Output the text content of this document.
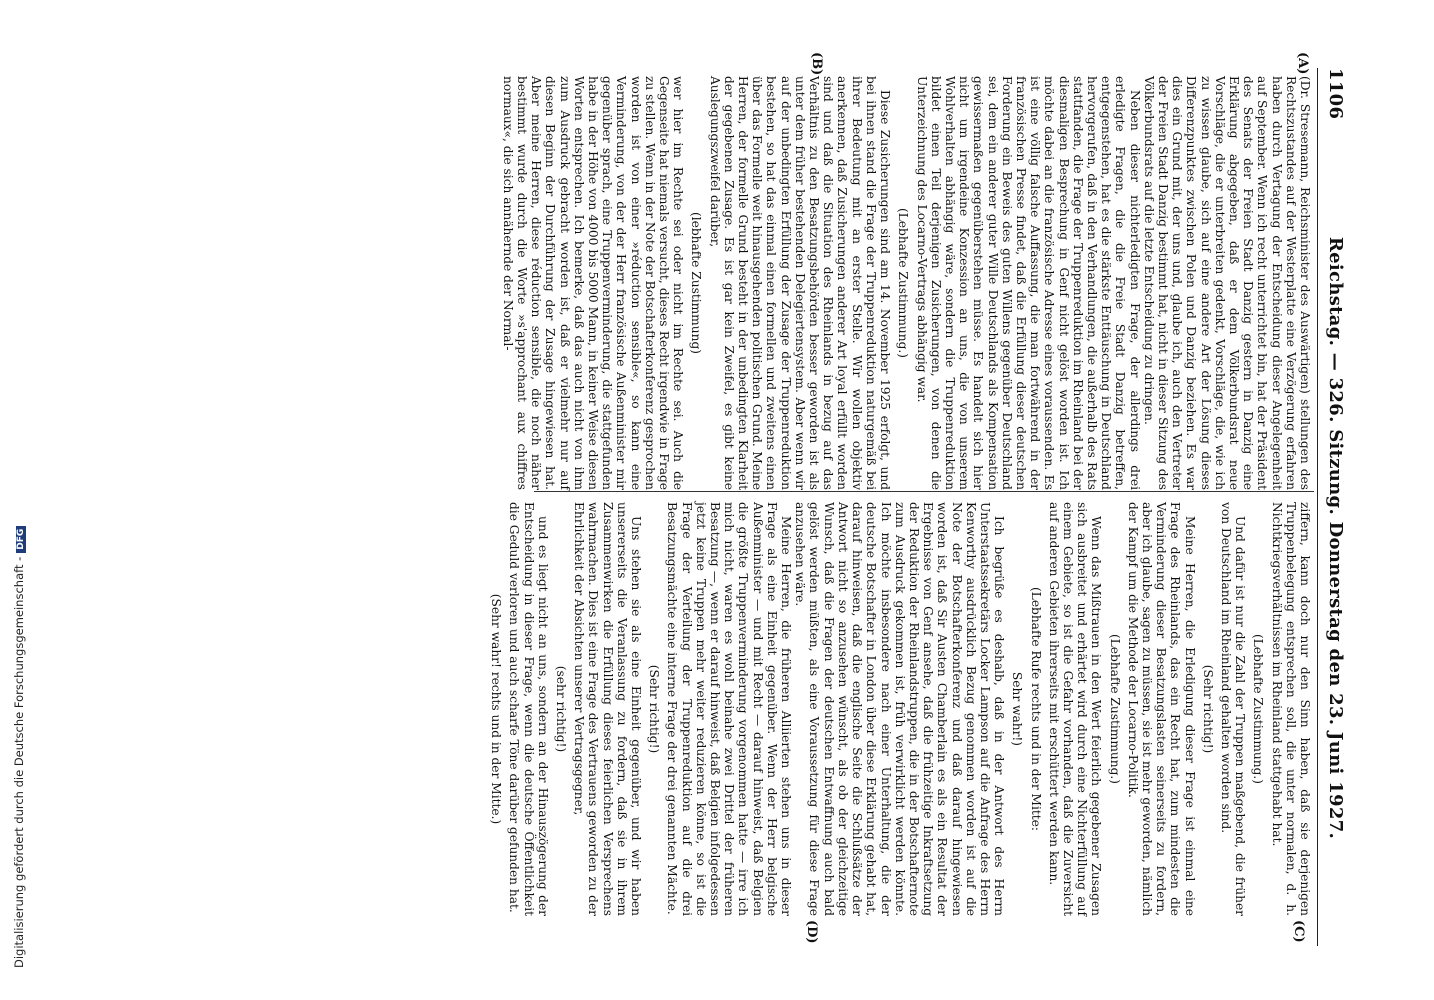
1106
Reichstag. — 326. Sitzung. Donnerstag den 23. Juni 1927.
(A)
(B)
(C)
(D)

(Dr. Stresemann, Reichsminister des Auswärtigen) stellungen des Rechtszustandes auf der Westerplatte eine Verzögerung erfahren haben durch Vertagung der Entscheidung dieser Angelegenheit auf September. Wenn ich recht unterrichtet bin, hat der Präsident des Senats der Freien Stadt Danzig gestern in Danzig eine Erklärung abgegeben, daß er dem Völkerbundsrat neue Vorschläge, die er unterbreiten gedenkt, Vorschläge, die, wie ich zu wissen glaube, sich auf eine andere Art der Lösung dieses Differenzpunktes zwischen Polen und Danzig beziehen. Es war dies ein Grund mit, der uns und, glaube ich, auch den Vertreter der Freien Stadt Danzig bestimmt hat, nicht in dieser Sitzung des Völkerbundsrats auf die letzte Entscheidung zu dringen.

Neben dieser nichterledigten Frage, der allerdings drei erledigte Fragen, die die Freie Stadt Danzig betreffen, entgegenstehen, hat es die stärkste Enttäuschung in Deutschland hervorgerufen, daß in den Verhandlungen, die außerhalb des Rats stattfanden, die Frage der Truppenreduktion im Rheinland bei der diesmaligen Besprechung in Genf nicht gelöst worden ist. Ich möchte dabei an die französische Adresse eines voraussenden. Es ist eine völlig falsche Auffassung, die man fortwährend in der französischen Presse findet, daß die Erfüllung dieser deutschen Forderung ein Beweis des guten Willens gegenüber Deutschland sei, dem ein anderer guter Wille Deutschlands als Kompensation gewissermaßen gegenüberstehen müsse. Es handelt sich hier nicht um irgendeine Konzession an uns, die von unserem Wohlverhalten abhängig wäre, sondern die Truppenreduktion bildet einen Teil derjenigen Zusicherungen, von denen die Unterzeichnung des Locarno-Vertrags abhängig war.

(Lebhafte Zustimmung.)

Diese Zusicherungen sind am 14. November 1925 erfolgt, und bei ihnen stand die Frage der Truppenreduktion naturgemäß bei ihrer Bedeutung mit an erster Stelle. Wir wollen objektiv anerkennen, daß Zusicherungen anderer Art loyal erfüllt worden sind und daß die Situation des Rheinlands in bezug auf das Verhältnis zu den Besatzungsbehörden besser geworden ist als unter dem früher bestehenden Delegiertensystem. Aber wenn wir auf der unbedingten Erfüllung der Zusage der Truppenreduktion bestehen, so hat das einmal einen formellen und zweitens einen über das Formelle weit hinausgehenden politischen Grund. Meine Herren, der formelle Grund besteht in der unbedingten Klarheit der gegebenen Zusage. Es ist gar kein Zweifel, es gibt keine Auslegungszweifel darüber,

(lebhafte Zustimmung)

wer hier im Rechte sei oder nicht im Rechte sei. Auch die Gegenseite hat niemals versucht, dieses Recht irgendwie in Frage zu stellen. Wenn in der Note der Botschafterkonferenz gesprochen worden ist von einer »réduction sensible«, so kann eine Verminderung, von der der Herr französische Außenminister mir gegenüber sprach, eine Truppenverminderung, die stattgefunden habe in der Höhe von 4000 bis 5000 Mann, in keiner Weise diesen Worten entsprechen. Ich bemerke, daß das auch nicht von ihm zum Ausdruck gebracht worden ist, daß er vielmehr nur auf diesen Beginn der Durchführung der Zusage hingewiesen hat. Aber meine Herren, diese réduction sensible, die noch näher bestimmt wurde durch die Worte »s'approchant aux chiffres normaux«, die sich annähernde der Normal-

ziffern, kann doch nur den Sinn haben, daß sie derjenigen Truppenbelegung entsprechen soll, die unter normalen, d. h. Nichtkriegsverhältnissen im Rheinland stattgehabt hat.

(Lebhafte Zustimmung.)

Und dafür ist nur die Zahl der Truppen maßgebend, die früher von Deutschland im Rheinland gehalten worden sind.

(Sehr richtig!)

Meine Herren, die Erledigung dieser Frage ist einmal eine Frage des Rheinlands, das ein Recht hat, zum mindesten die Verminderung dieser Besatzungslasten seinerseits zu fordern, aber ich glaube, sagen zu müssen, sie ist mehr geworden, nämlich der Kampf um die Methode der Locarno-Politik.

(Lebhafte Zustimmung.)

Wenn das Mißtrauen in den Wert feierlich gegebener Zusagen sich ausbreitet und erhärtet wird durch eine Nichterfüllung auf einem Gebiete, so ist die Gefahr vorhanden, daß die Zuversicht auf anderen Gebieten ihrerseits mit erschüttert werden kann.

(Lebhafte Rufe rechts und in der Mitte:

Sehr wahr!)

Ich begrüße es deshalb, daß in der Antwort des Herrn Unterstaatssekretärs Locker Lampson auf die Anfrage des Herrn Kenworthy ausdrücklich Bezug genommen worden ist auf die Note der Botschafterkonferenz und daß darauf hingewiesen worden ist, daß Sir Austen Chamberlain es als ein Resultat der Ergebnisse von Genf ansehe, daß die frühzeitige Inkraftsetzung der Reduktion der Rheinlandstruppen, die in der Botschafternote zum Ausdruck gekommen ist, früh verwirklicht werden könnte. Ich möchte insbesondere nach einer Unterhaltung, die der deutsche Botschafter in London über diese Erklärung gehabt hat, darauf hinweisen, daß die englische Seite die Schlußsätze der Antwort nicht so anzusehen wünscht, als ob der gleichzeitige Wunsch, daß die Fragen der deutschen Entwaffnung auch bald gelöst werden müßten, als eine Voraussetzung für diese Frage anzusehen wäre.

Meine Herren, die früheren Alliierten stehen uns in dieser Frage als eine Einheit gegenüber. Wenn der Herr belgische Außenminister — und mit Recht — darauf hinweist, daß Belgien die größte Truppenverminderung vorgenommen hatte — irre ich mich nicht, waren es wohl beinahe zwei Drittel der früheren Besatzung —, wenn er darauf hinweist, daß Belgien infolgedessen jetzt keine Truppen mehr weiter reduzieren könne, so ist die Frage der Verteilung der Truppenreduktion auf die drei Besatzungsmächte eine interne Frage der drei genannten Mächte.

(Sehr richtig!)

Uns stehen sie als eine Einheit gegenüber, und wir haben unsererseits die Veranlassung zu fordern, daß sie in ihrem Zusammenwirken die Erfüllung dieses feierlichen Versprechens wahrmachen. Dies ist eine Frage des Vertrauens geworden zu der Ehrlichkeit der Absichten unserer Vertragsgegner,

(sehr richtig!)

und es liegt nicht an uns, sondern an der Hinauszögerung der Entscheidung in dieser Frage, wenn die deutsche Öffentlichkeit die Geduld verloren und auch scharfe Töne darüber gefunden hat.

(Sehr wahr! rechts und in der Mitte.)

Digitalisierung gefördert durch die Deutsche Forschungsgemeinschaft -DFG
